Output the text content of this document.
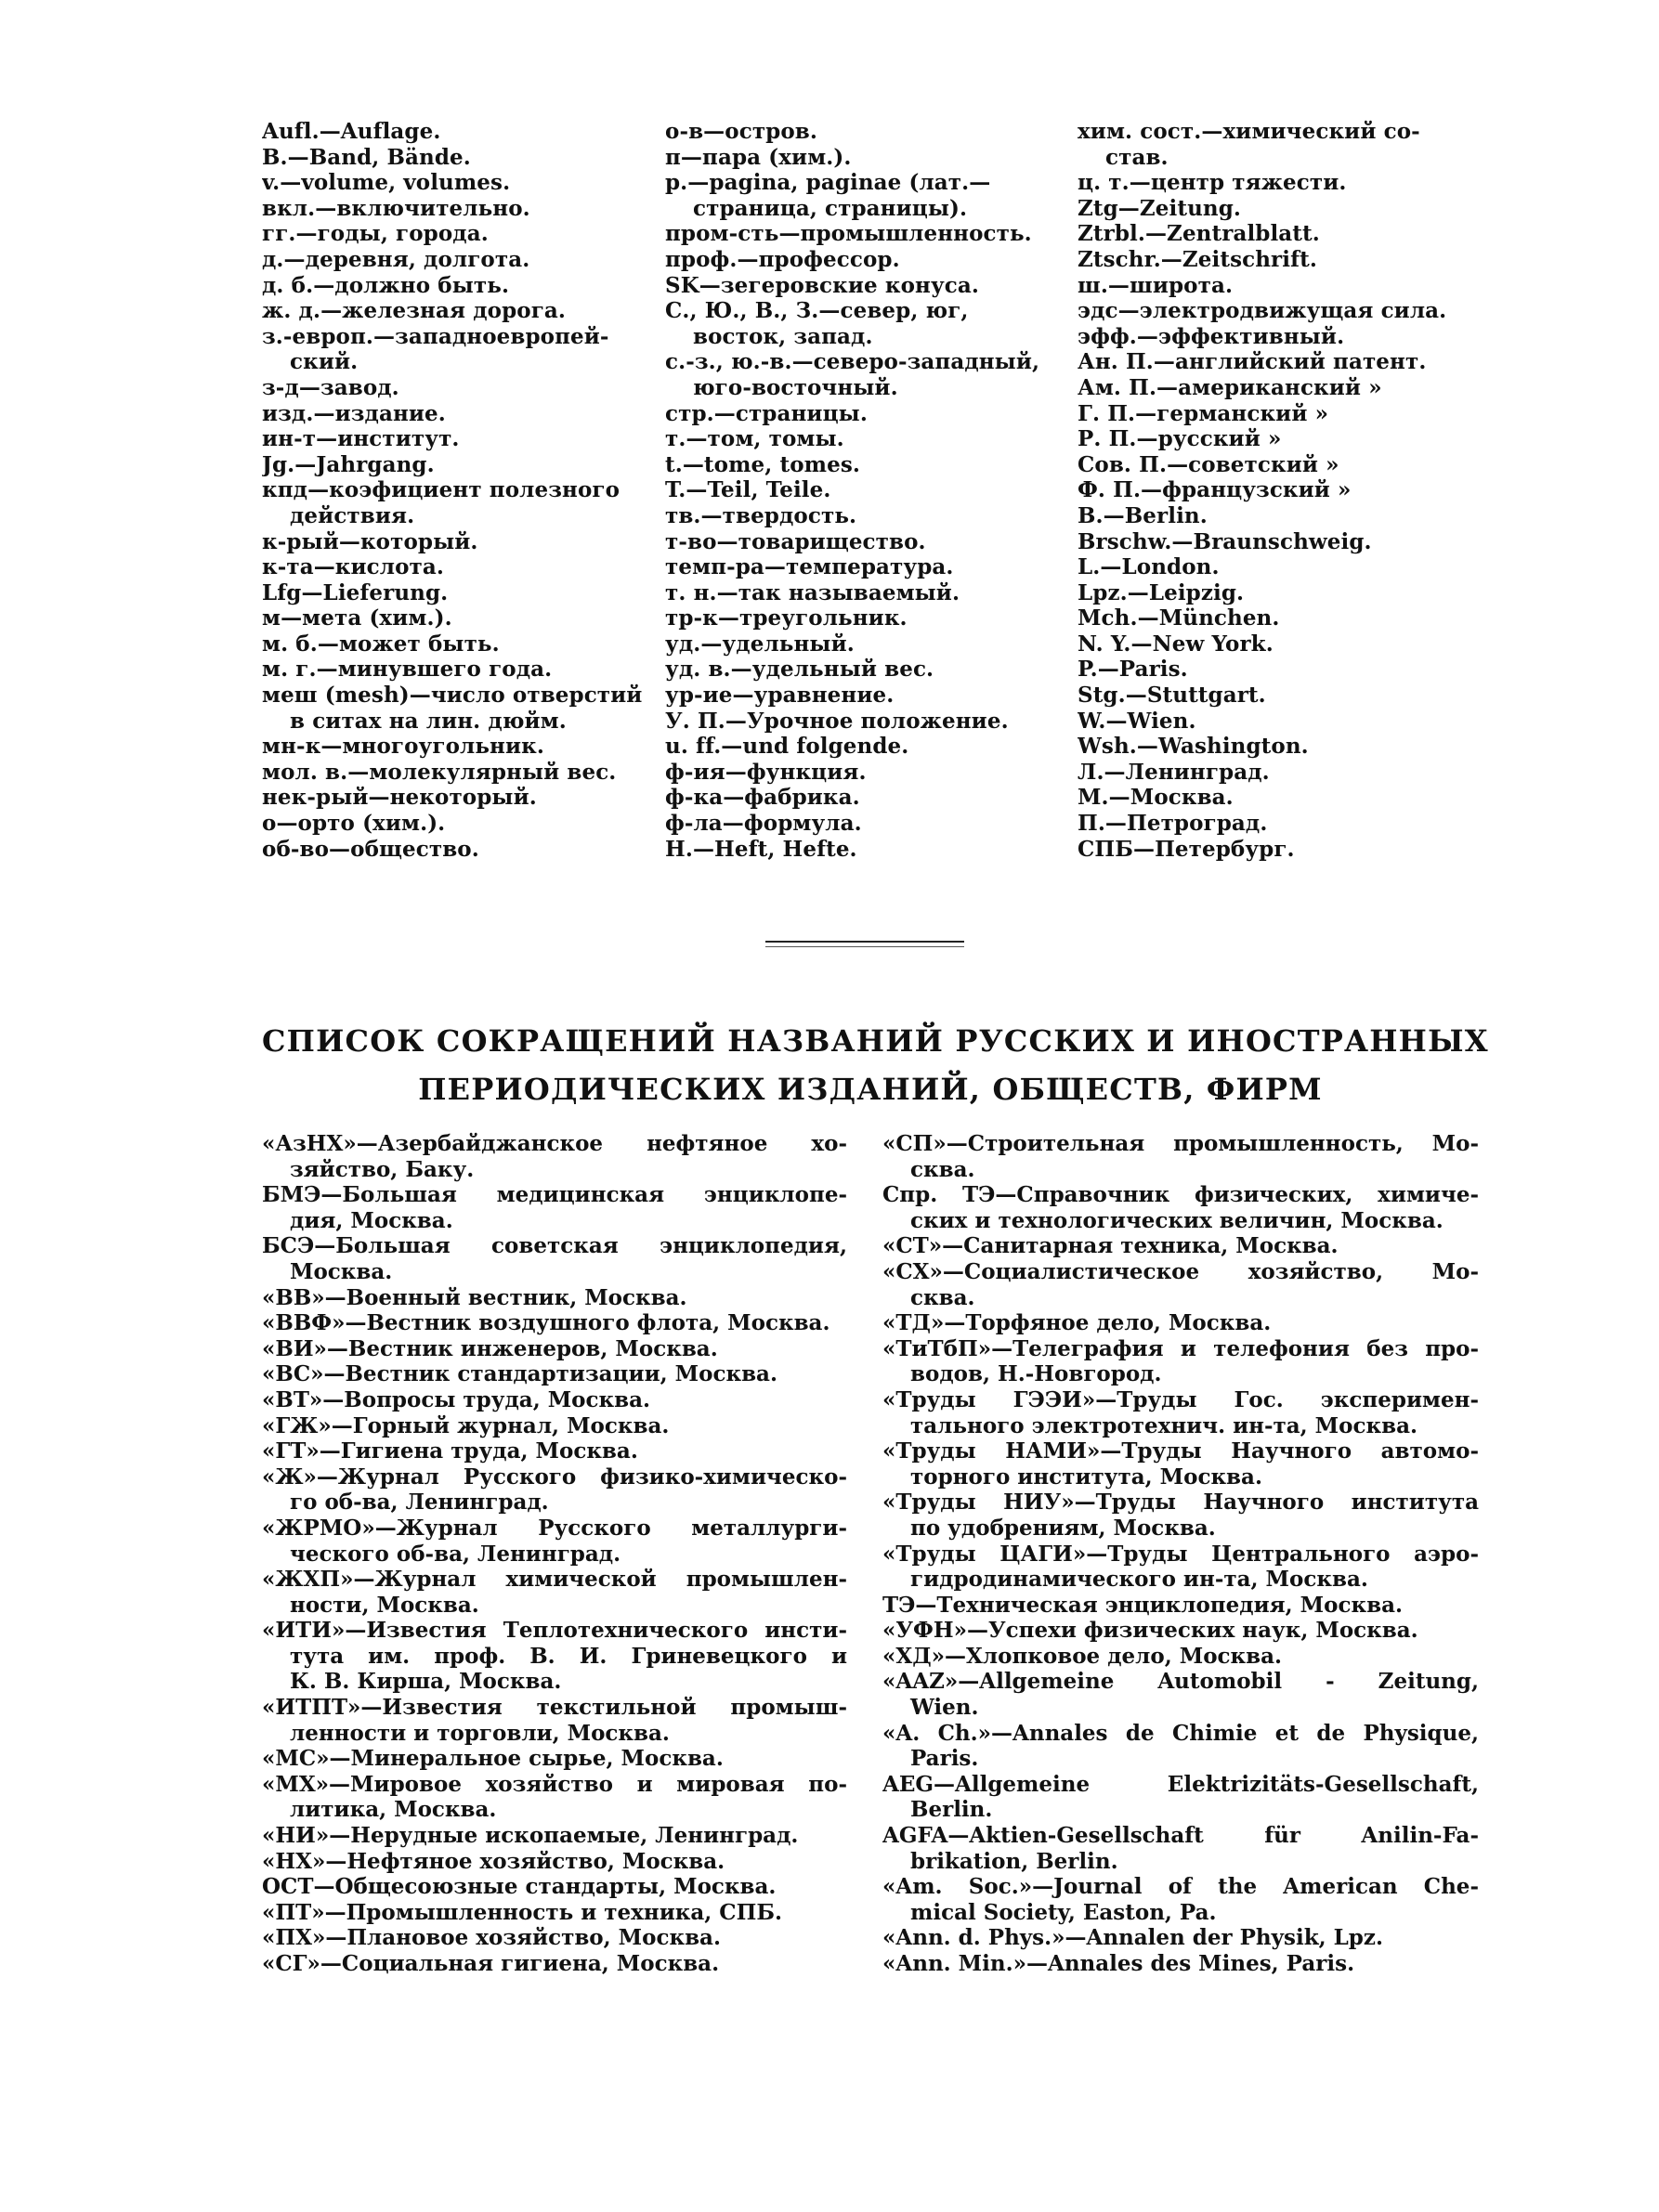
Aufl.—Auflage.
B.—Band, Bände.
v.—volume, volumes.
вкл.—включительно.
гг.—годы, города.
д.—деревня, долгота.
д. б.—должно быть.
ж. д.—железная дорога.
з.-европ.—западноевропей-
ский.
з-д—завод.
изд.—издание.
ин-т—институт.
Jg.—Jahrgang.
кпд—коэфициент полезного
действия.
к-рый—который.
к-та—кислота.
Lfg—Lieferung.
м—мета (хим.).
м. б.—может быть.
м. г.—минувшего года.
меш (mesh)—число отверстий
в ситах на лин. дюйм.
мн-к—многоугольник.
мол. в.—молекулярный вес.
нек-рый—некоторый.
о—орто (хим.).
об-во—общество.
о-в—остров.
п—пара (хим.).
р.—pagina, paginae (лат.—
страница, страницы).
пром-сть—промышленность.
проф.—профессор.
SK—зегеровские конуса.
С., Ю., В., З.—север, юг,
восток, запад.
с.-з., ю.-в.—северо-западный,
юго-восточный.
стр.—страницы.
т.—том, томы.
t.—tome, tomes.
T.—Teil, Teile.
тв.—твердость.
т-во—товарищество.
темп-ра—температура.
т. н.—так называемый.
тр-к—треугольник.
уд.—удельный.
уд. в.—удельный вес.
ур-ие—уравнение.
У. П.—Урочное положение.
u. ff.—und folgende.
ф-ия—функция.
ф-ка—фабрика.
ф-ла—формула.
H.—Heft, Hefte.
хим. сост.—химический со-
став.
ц. т.—центр тяжести.
Ztg—Zeitung.
Ztrbl.—Zentralblatt.
Ztschr.—Zeitschrift.
ш.—широта.
эдс—электродвижущая сила.
эфф.—эффективный.
Ан. П.—английский патент.
Ам. П.—американский »
Г. П.—германский »
Р. П.—русский »
Сов. П.—советский »
Ф. П.—французский »
B.—Berlin.
Brschw.—Braunschweig.
L.—London.
Lpz.—Leipzig.
Mch.—München.
N. Y.—New York.
P.—Paris.
Stg.—Stuttgart.
W.—Wien.
Wsh.—Washington.
Л.—Ленинград.
М.—Москва.
П.—Петроград.
СПБ—Петербург.
СПИСОК СОКРАЩЕНИЙ НАЗВАНИЙ РУССКИХ И ИНОСТРАННЫХ
ПЕРИОДИЧЕСКИХ ИЗДАНИЙ, ОБЩЕСТВ, ФИРМ
«АзНХ»—Азербайджанское нефтяное хо-
зяйство, Баку.
БМЭ—Большая медицинская энциклопе-
дия, Москва.
БСЭ—Большая советская энциклопедия,
Москва.
«ВВ»—Военный вестник, Москва.
«ВВФ»—Вестник воздушного флота, Москва.
«ВИ»—Вестник инженеров, Москва.
«ВС»—Вестник стандартизации, Москва.
«ВТ»—Вопросы труда, Москва.
«ГЖ»—Горный журнал, Москва.
«ГТ»—Гигиена труда, Москва.
«Ж»—Журнал Русского физико-химическо-
го об-ва, Ленинград.
«ЖРМО»—Журнал Русского металлурги-
ческого об-ва, Ленинград.
«ЖХП»—Журнал химической промышлен-
ности, Москва.
«ИТИ»—Известия Теплотехнического инсти-
тута им. проф. В. И. Гриневецкого и
К. В. Кирша, Москва.
«ИТПТ»—Известия текстильной промыш-
ленности и торговли, Москва.
«МС»—Минеральное сырье, Москва.
«МХ»—Мировое хозяйство и мировая по-
литика, Москва.
«НИ»—Нерудные ископаемые, Ленинград.
«НХ»—Нефтяное хозяйство, Москва.
ОСТ—Общесоюзные стандарты, Москва.
«ПТ»—Промышленность и техника, СПБ.
«ПХ»—Плановое хозяйство, Москва.
«СГ»—Социальная гигиена, Москва.
«СП»—Строительная промышленность, Мо-
сква.
Спр. ТЭ—Справочник физических, химиче-
ских и технологических величин, Москва.
«СТ»—Санитарная техника, Москва.
«СХ»—Социалистическое хозяйство, Мо-
сква.
«ТД»—Торфяное дело, Москва.
«ТиТбП»—Телеграфия и телефония без про-
водов, Н.-Новгород.
«Труды ГЭЭИ»—Труды Гос. эксперимен-
тального электротехнич. ин-та, Москва.
«Труды НАМИ»—Труды Научного автомо-
торного института, Москва.
«Труды НИУ»—Труды Научного института
по удобрениям, Москва.
«Труды ЦАГИ»—Труды Центрального аэро-
гидродинамического ин-та, Москва.
ТЭ—Техническая энциклопедия, Москва.
«УФН»—Успехи физических наук, Москва.
«ХД»—Хлопковое дело, Москва.
«AAZ»—Allgemeine Automobil - Zeitung,
Wien.
«A. Ch.»—Annales de Chimie et de Physique,
Paris.
AEG—Allgemeine Elektrizitäts-Gesellschaft,
Berlin.
AGFA—Aktien-Gesellschaft für Anilin-Fa-
brikation, Berlin.
«Am. Soc.»—Journal of the American Che-
mical Society, Easton, Pa.
«Ann. d. Phys.»—Annalen der Physik, Lpz.
«Ann. Min.»—Annales des Mines, Paris.
